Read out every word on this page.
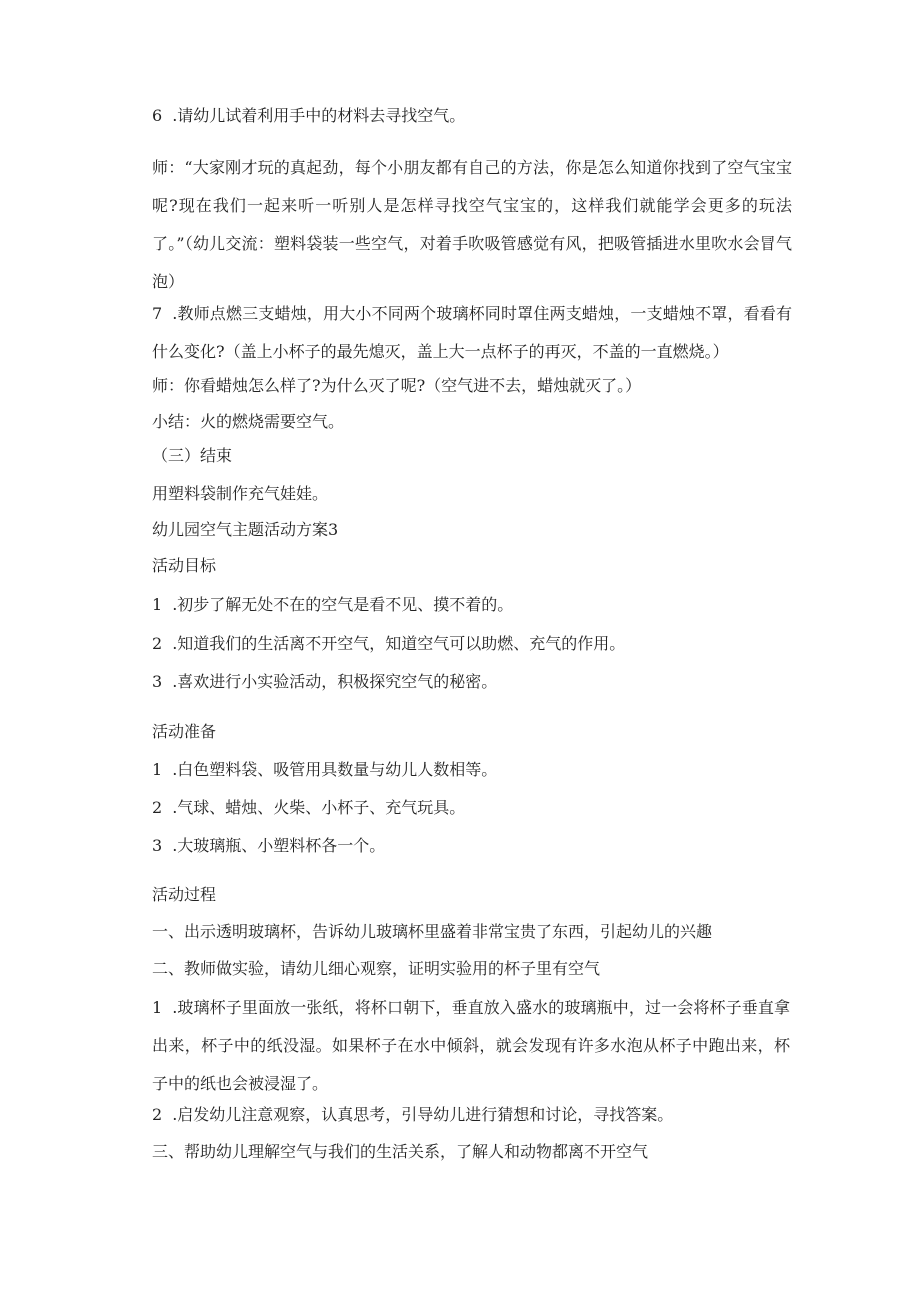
6 .请幼儿试着利用手中的材料去寻找空气。
师：“大家刚才玩的真起劲，每个小朋友都有自己的方法，你是怎么知道你找到了空气宝宝呢?现在我们一起来听一听别人是怎样寻找空气宝宝的，这样我们就能学会更多的玩法了。”（幼儿交流：塑料袋装一些空气，对着手吹吸管感觉有风，把吸管插进水里吹水会冒气泡）
7 .教师点燃三支蜡烛，用大小不同两个玻璃杯同时罩住两支蜡烛，一支蜡烛不罩，看看有什么变化?（盖上小杯子的最先熄灭，盖上大一点杯子的再灭，不盖的一直燃烧。）
师：你看蜡烛怎么样了?为什么灭了呢?（空气进不去，蜡烛就灭了。）
小结：火的燃烧需要空气。
（三）结束
用塑料袋制作充气娃娃。
幼儿园空气主题活动方案3
活动目标
1 .初步了解无处不在的空气是看不见、摸不着的。
2 .知道我们的生活离不开空气，知道空气可以助燃、充气的作用。
3 .喜欢进行小实验活动，积极探究空气的秘密。
活动准备
1 .白色塑料袋、吸管用具数量与幼儿人数相等。
2 .气球、蜡烛、火柴、小杯子、充气玩具。
3 .大玻璃瓶、小塑料杯各一个。
活动过程
一、出示透明玻璃杯，告诉幼儿玻璃杯里盛着非常宝贵了东西，引起幼儿的兴趣
二、教师做实验，请幼儿细心观察，证明实验用的杯子里有空气
1 .玻璃杯子里面放一张纸，将杯口朝下，垂直放入盛水的玻璃瓶中，过一会将杯子垂直拿出来，杯子中的纸没湿。如果杯子在水中倾斜，就会发现有许多水泡从杯子中跑出来，杯子中的纸也会被浸湿了。
2 .启发幼儿注意观察，认真思考，引导幼儿进行猜想和讨论，寻找答案。
三、帮助幼儿理解空气与我们的生活关系，了解人和动物都离不开空气
